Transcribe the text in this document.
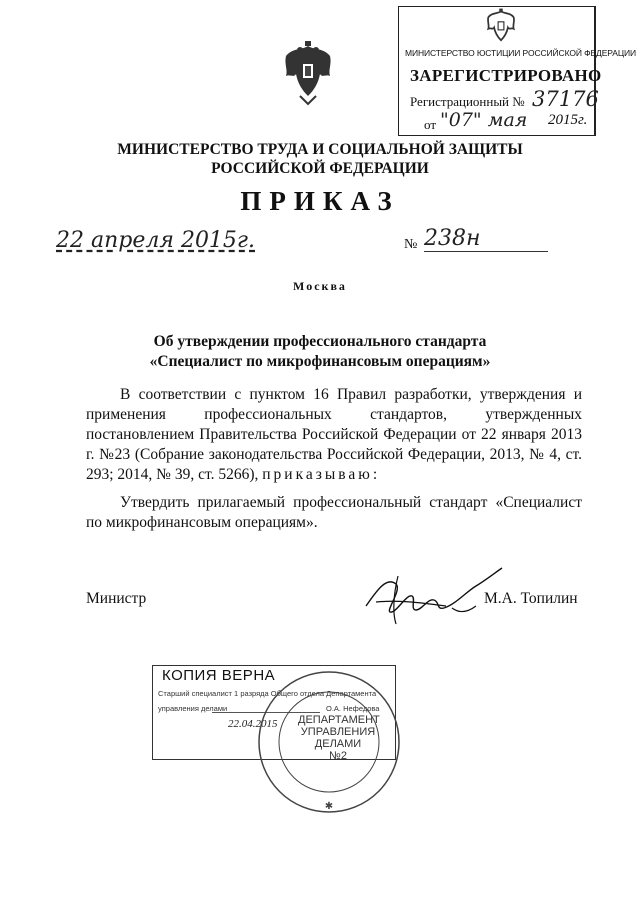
МИНИСТЕРСТВО ЮСТИЦИИ РОССИЙСКОЙ ФЕДЕРАЦИИ
ЗАРЕГИСТРИРОВАНО
Регистрационный № 37176
от "07" мая 2015г.
МИНИСТЕРСТВО ТРУДА И СОЦИАЛЬНОЙ ЗАЩИТЫ
РОССИЙСКОЙ ФЕДЕРАЦИИ
ПРИКАЗ
22 апреля 2015г.	№ 238н
Москва
Об утверждении профессионального стандарта
«Специалист по микрофинансовым операциям»
В соответствии с пунктом 16 Правил разработки, утверждения и применения профессиональных стандартов, утвержденных постановлением Правительства Российской Федерации от 22 января 2013 г. №23 (Собрание законодательства Российской Федерации, 2013, № 4, ст. 293; 2014, № 39, ст. 5266), приказываю:
Утвердить прилагаемый профессиональный стандарт «Специалист по микрофинансовым операциям».
Министр	М.А. Топилин
КОПИЯ ВЕРНА
Старший специалист 1 разряда Общего отдела Департамента
управления делами	О.А. Нефедова
22.04.2015
✱
ДЕПАРТАМЕНТ
УПРАВЛЕНИЯ
ДЕЛАМИ
№2
